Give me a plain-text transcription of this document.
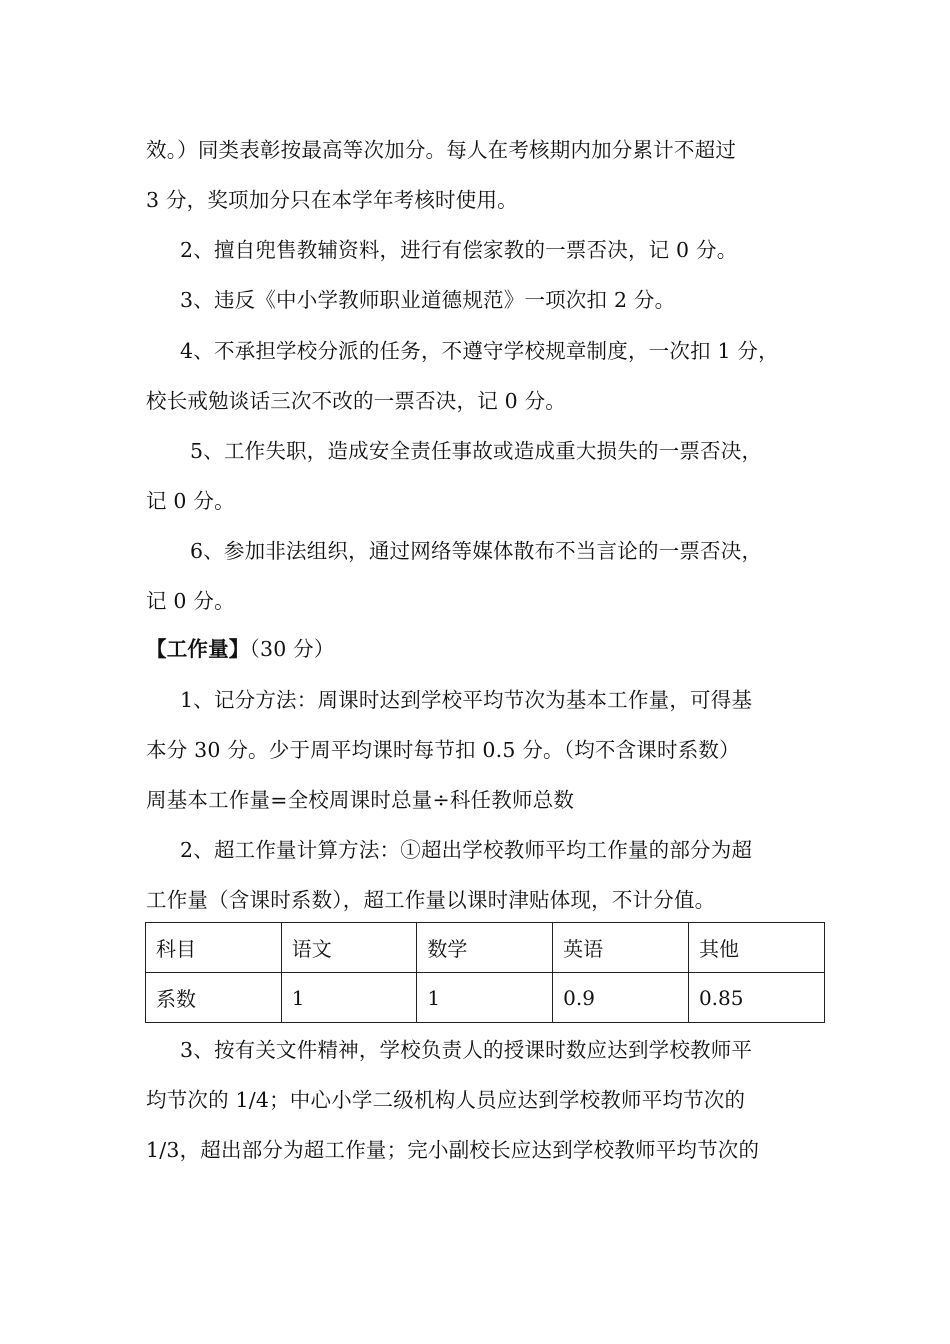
效。）同类表彰按最高等次加分。每人在考核期内加分累计不超过
3 分，奖项加分只在本学年考核时使用。
2、擅自兜售教辅资料，进行有偿家教的一票否决，记 0 分。
3、违反《中小学教师职业道德规范》一项次扣 2 分。
4、不承担学校分派的任务，不遵守学校规章制度，一次扣 1 分，
校长戒勉谈话三次不改的一票否决，记 0 分。
5、工作失职，造成安全责任事故或造成重大损失的一票否决，
记 0 分。
6、参加非法组织，通过网络等媒体散布不当言论的一票否决，
记 0 分。
【工作量】（30 分）
1、记分方法：周课时达到学校平均节次为基本工作量，可得基
本分 30 分。少于周平均课时每节扣 0.5 分。（均不含课时系数）
周基本工作量=全校周课时总量÷科任教师总数
2、超工作量计算方法：①超出学校教师平均工作量的部分为超
工作量（含课时系数），超工作量以课时津贴体现，不计分值。
科目	语文	数学	英语	其他
系数	1	1	0.9	0.85
3、按有关文件精神，学校负责人的授课时数应达到学校教师平
均节次的 1/4；中心小学二级机构人员应达到学校教师平均节次的
1/3，超出部分为超工作量；完小副校长应达到学校教师平均节次的
